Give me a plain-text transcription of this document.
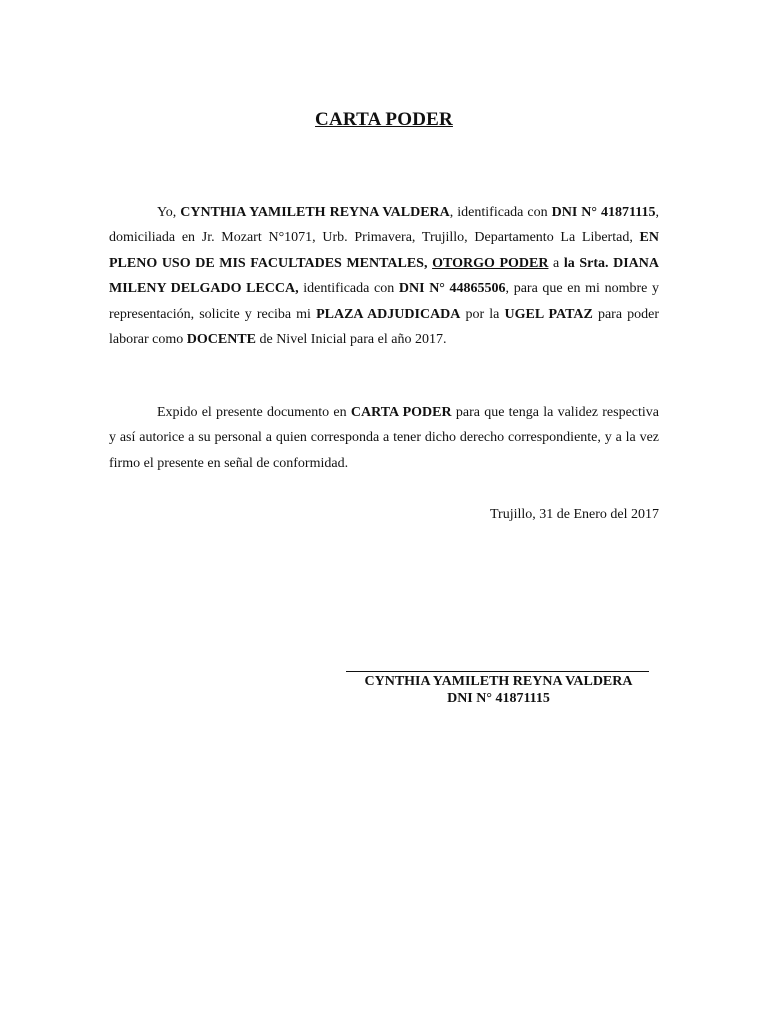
CARTA PODER

Yo, CYNTHIA YAMILETH REYNA VALDERA, identificada con DNI N° 41871115, domiciliada en Jr. Mozart N°1071, Urb. Primavera, Trujillo, Departamento La Libertad, EN PLENO USO DE MIS FACULTADES MENTALES, OTORGO PODER a la Srta. DIANA MILENY DELGADO LECCA, identificada con DNI N° 44865506, para que en mi nombre y representación, solicite y reciba mi PLAZA ADJUDICADA por la UGEL PATAZ para poder laborar como DOCENTE de Nivel Inicial para el año 2017.

Expido el presente documento en CARTA PODER para que tenga la validez respectiva y así autorice a su personal a quien corresponda a tener dicho derecho correspondiente, y a la vez firmo el presente en señal de conformidad.

Trujillo, 31 de Enero del 2017
CYNTHIA YAMILETH REYNA VALDERA
DNI N° 41871115
